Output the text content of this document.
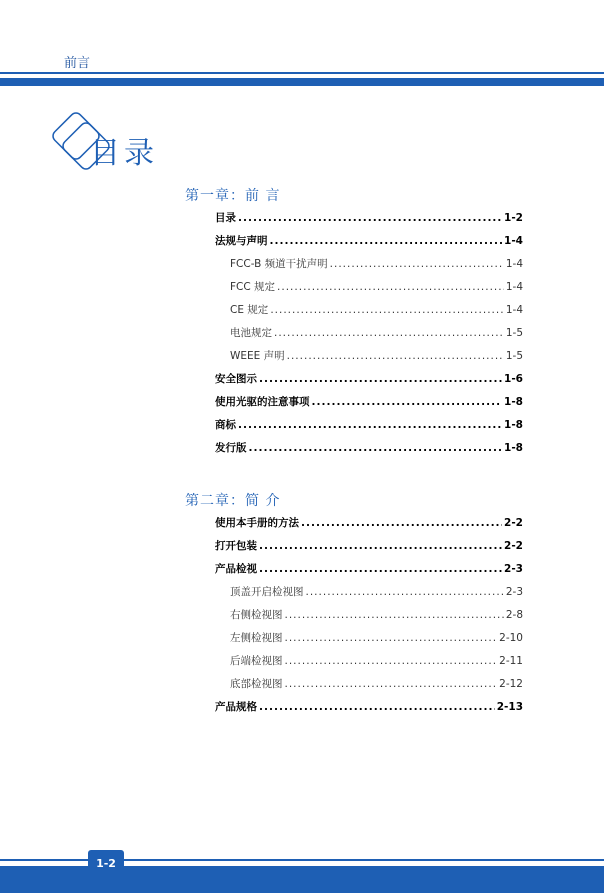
前言
目录
第一章：前 言
目录 .....	1-2
法规与声明 .....	1-4
FCC-B 频道干扰声明 .....	1-4
FCC 规定 .....	1-4
CE 规定 .....	1-4
电池规定 .....	1-5
WEEE 声明 .....	1-5
安全图示 .....	1-6
使用光驱的注意事项 .....	1-8
商标 .....	1-8
发行版 .....	1-8
第二章：简 介
使用本手册的方法 .....	2-2
打开包装 .....	2-2
产品检视 .....	2-3
顶盖开启检视图 .....	2-3
右侧检视图 .....	2-8
左侧检视图 .....	2-10
后端检视图 .....	2-11
底部检视图 .....	2-12
产品规格 .....	2-13
1-2
